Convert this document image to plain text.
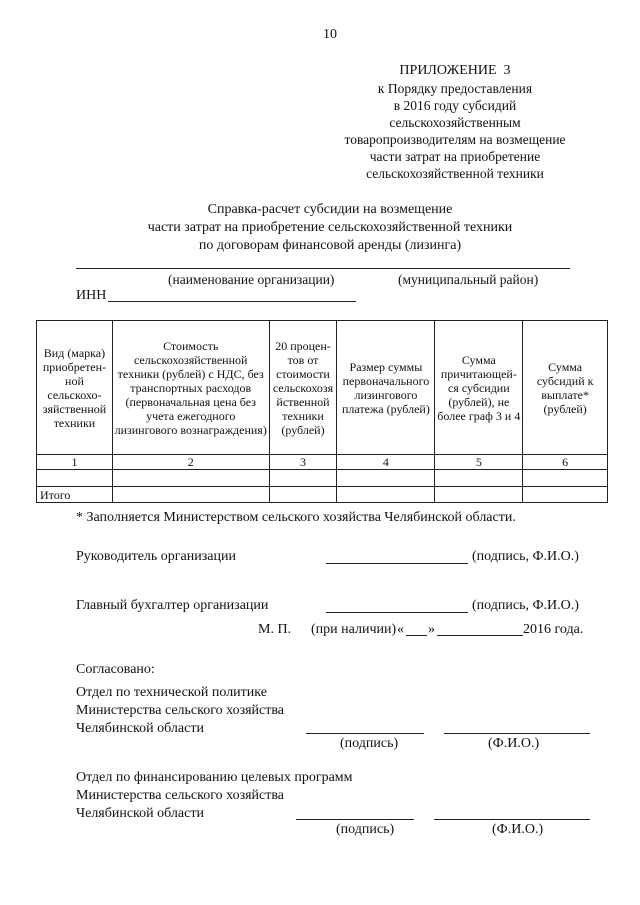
10
ПРИЛОЖЕНИЕ  3
к Порядку предоставления
в 2016 году субсидий
сельскохозяйственным
товаропроизводителям на возмещение
части затрат на приобретение
сельскохозяйственной техники
Справка-расчет субсидии на возмещение
части затрат на приобретение сельскохозяйственной техники
по договорам финансовой аренды (лизинга)
(наименование организации)	(муниципальный район)
ИНН
Вид (марка) приобретен-ной сельскохо-зяйственной техники	Стоимость сельскохозяйственной техники (рублей) с НДС, без транспортных расходов (первоначальная цена без учета ежегодного лизингового вознаграждения)	20 процен-тов от стоимости сельскохозя йственной техники (рублей)	Размер суммы первоначального лизингового платежа (рублей)	Сумма причитающей-ся субсидии (рублей), не более граф 3 и 4	Сумма субсидий к выплате* (рублей)
1	2	3	4	5	6

Итого					
* Заполняется Министерством сельского хозяйства Челябинской области.
Руководитель организации	(подпись, Ф.И.О.)
Главный бухгалтер организации	(подпись, Ф.И.О.)
М. П. (при наличии) « »	2016 года.
Согласовано:
Отдел по технической политике
Министерства сельского хозяйства
Челябинской области
(подпись)	(Ф.И.О.)
Отдел по финансированию целевых программ
Министерства сельского хозяйства
Челябинской области
(подпись)	(Ф.И.О.)
